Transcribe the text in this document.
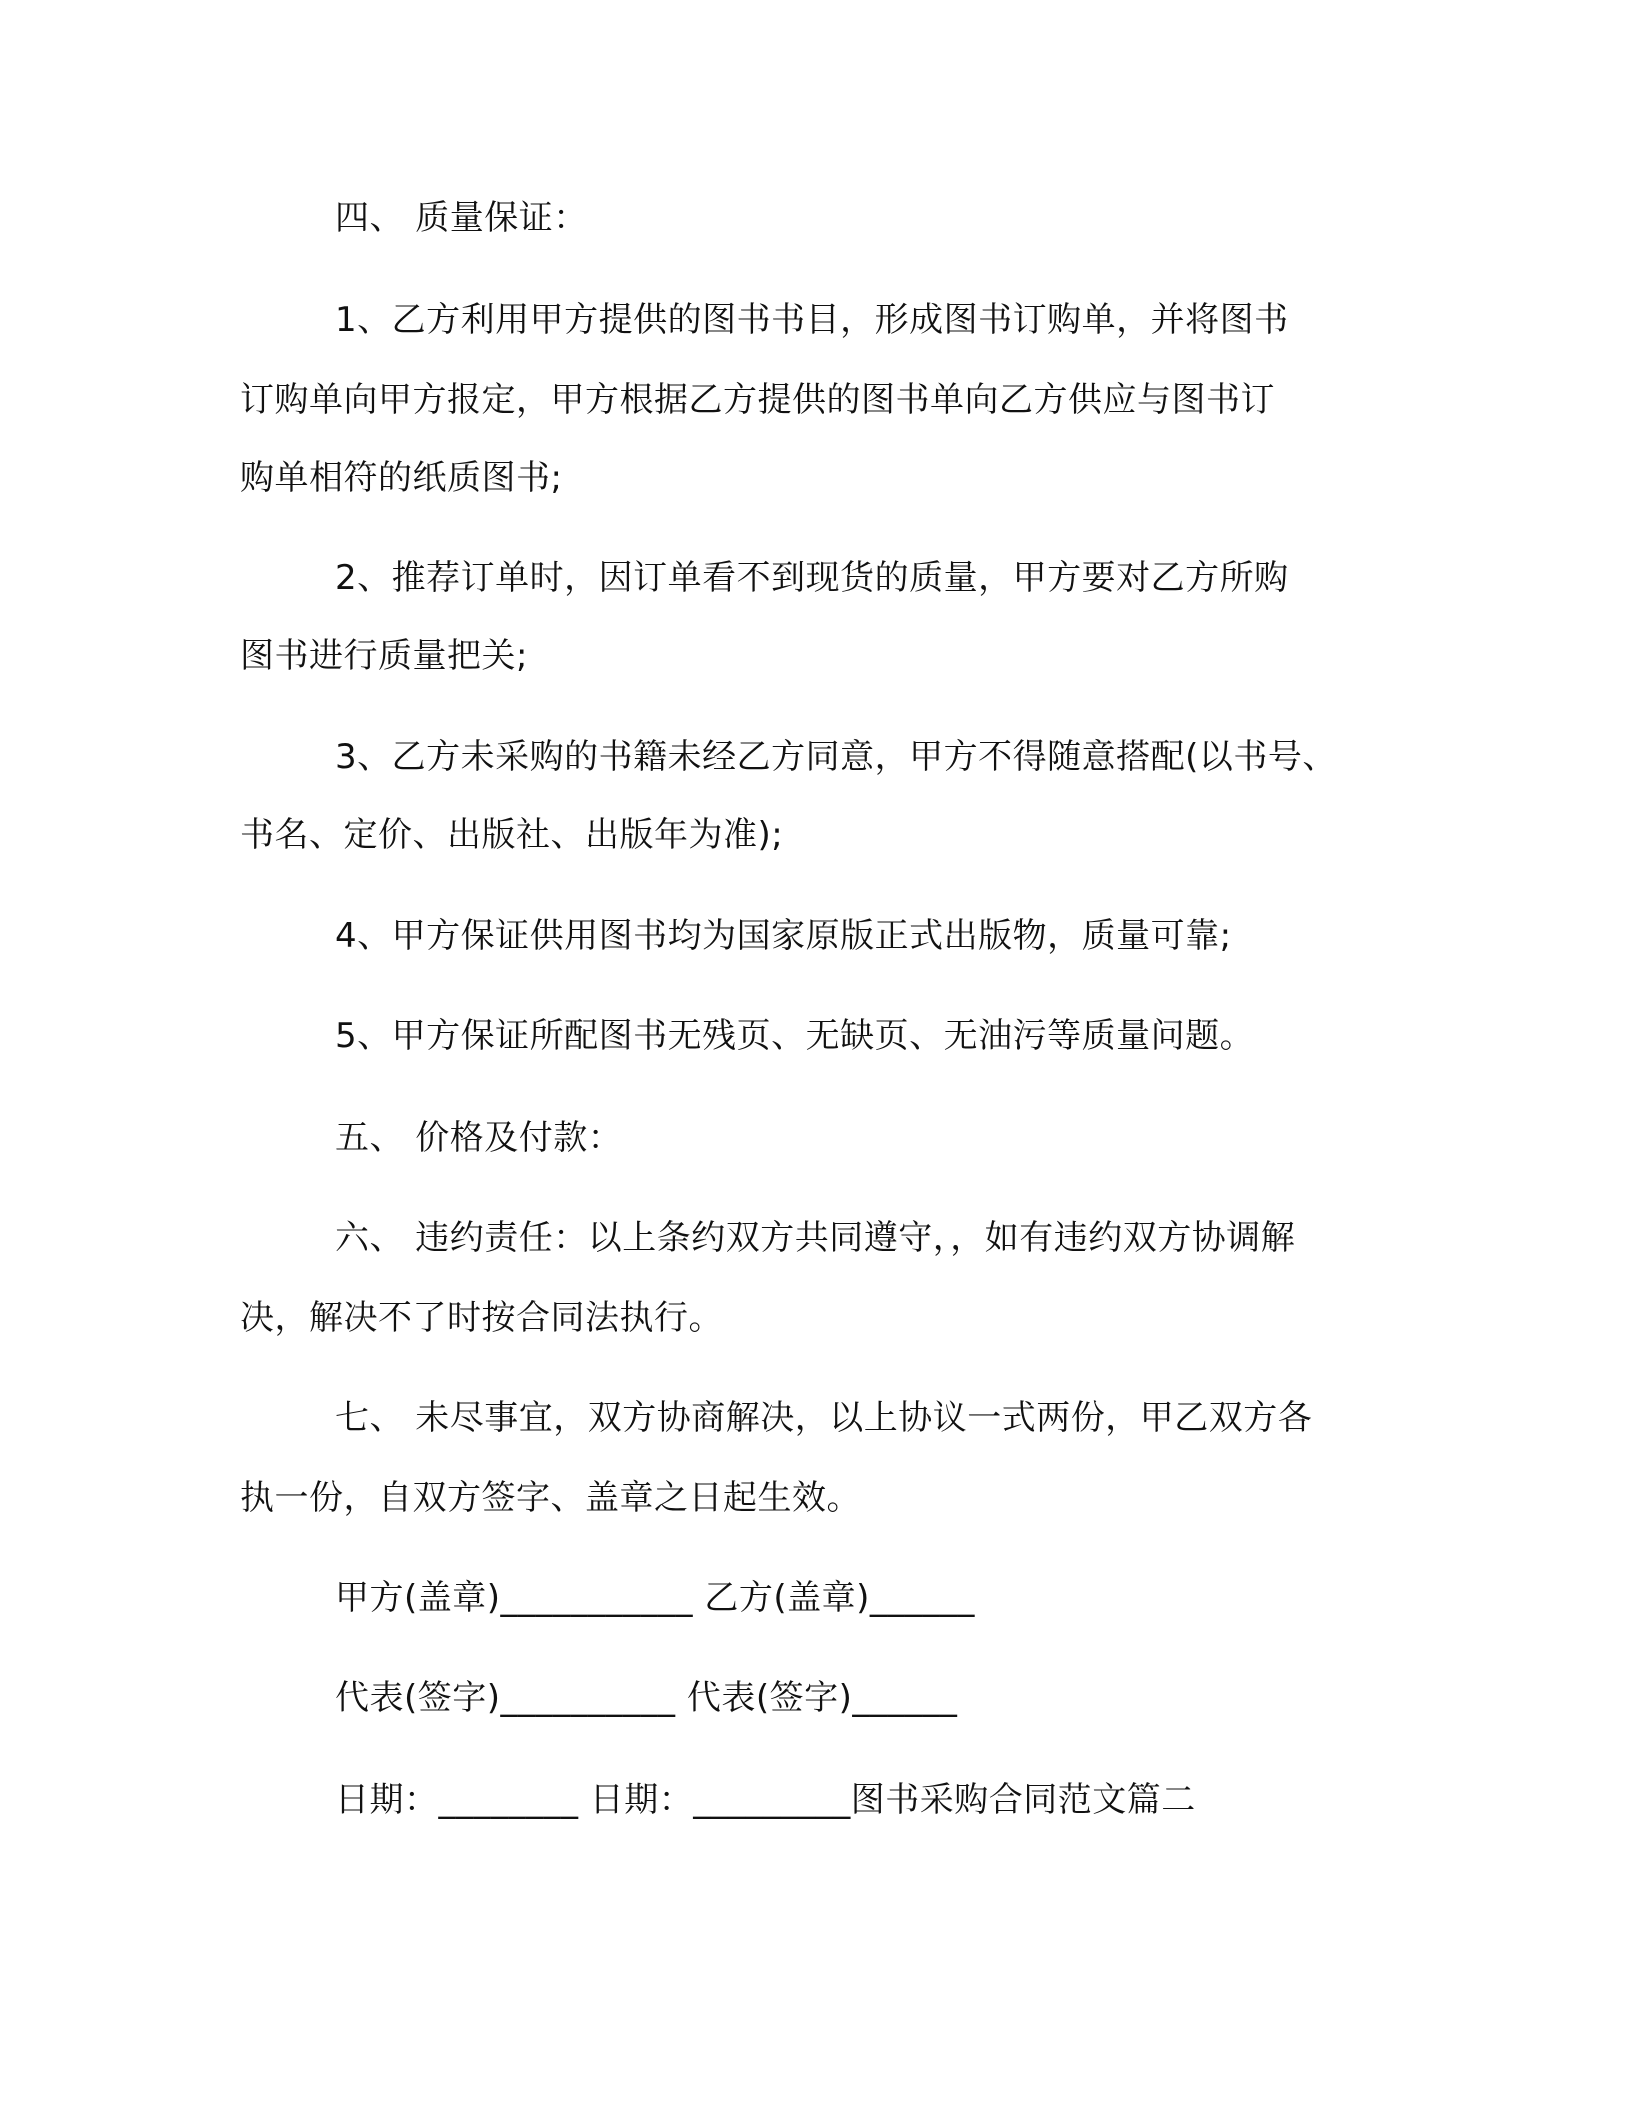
四、 质量保证：
1、乙方利用甲方提供的图书书目，形成图书订购单，并将图书
订购单向甲方报定，甲方根据乙方提供的图书单向乙方供应与图书订
购单相符的纸质图书;
2、推荐订单时，因订单看不到现货的质量，甲方要对乙方所购
图书进行质量把关;
3、乙方未采购的书籍未经乙方同意，甲方不得随意搭配(以书号、
书名、定价、出版社、出版年为准);
4、甲方保证供用图书均为国家原版正式出版物，质量可靠;
5、甲方保证所配图书无残页、无缺页、无油污等质量问题。
五、 价格及付款：
六、 违约责任：以上条约双方共同遵守，，如有违约双方协调解
决，解决不了时按合同法执行。
七、 未尽事宜，双方协商解决，以上协议一式两份，甲乙双方各
执一份，自双方签字、盖章之日起生效。
甲方(盖章)___________ 乙方(盖章)______
代表(签字)__________ 代表(签字)______
日期：________ 日期：_________图书采购合同范文篇二
